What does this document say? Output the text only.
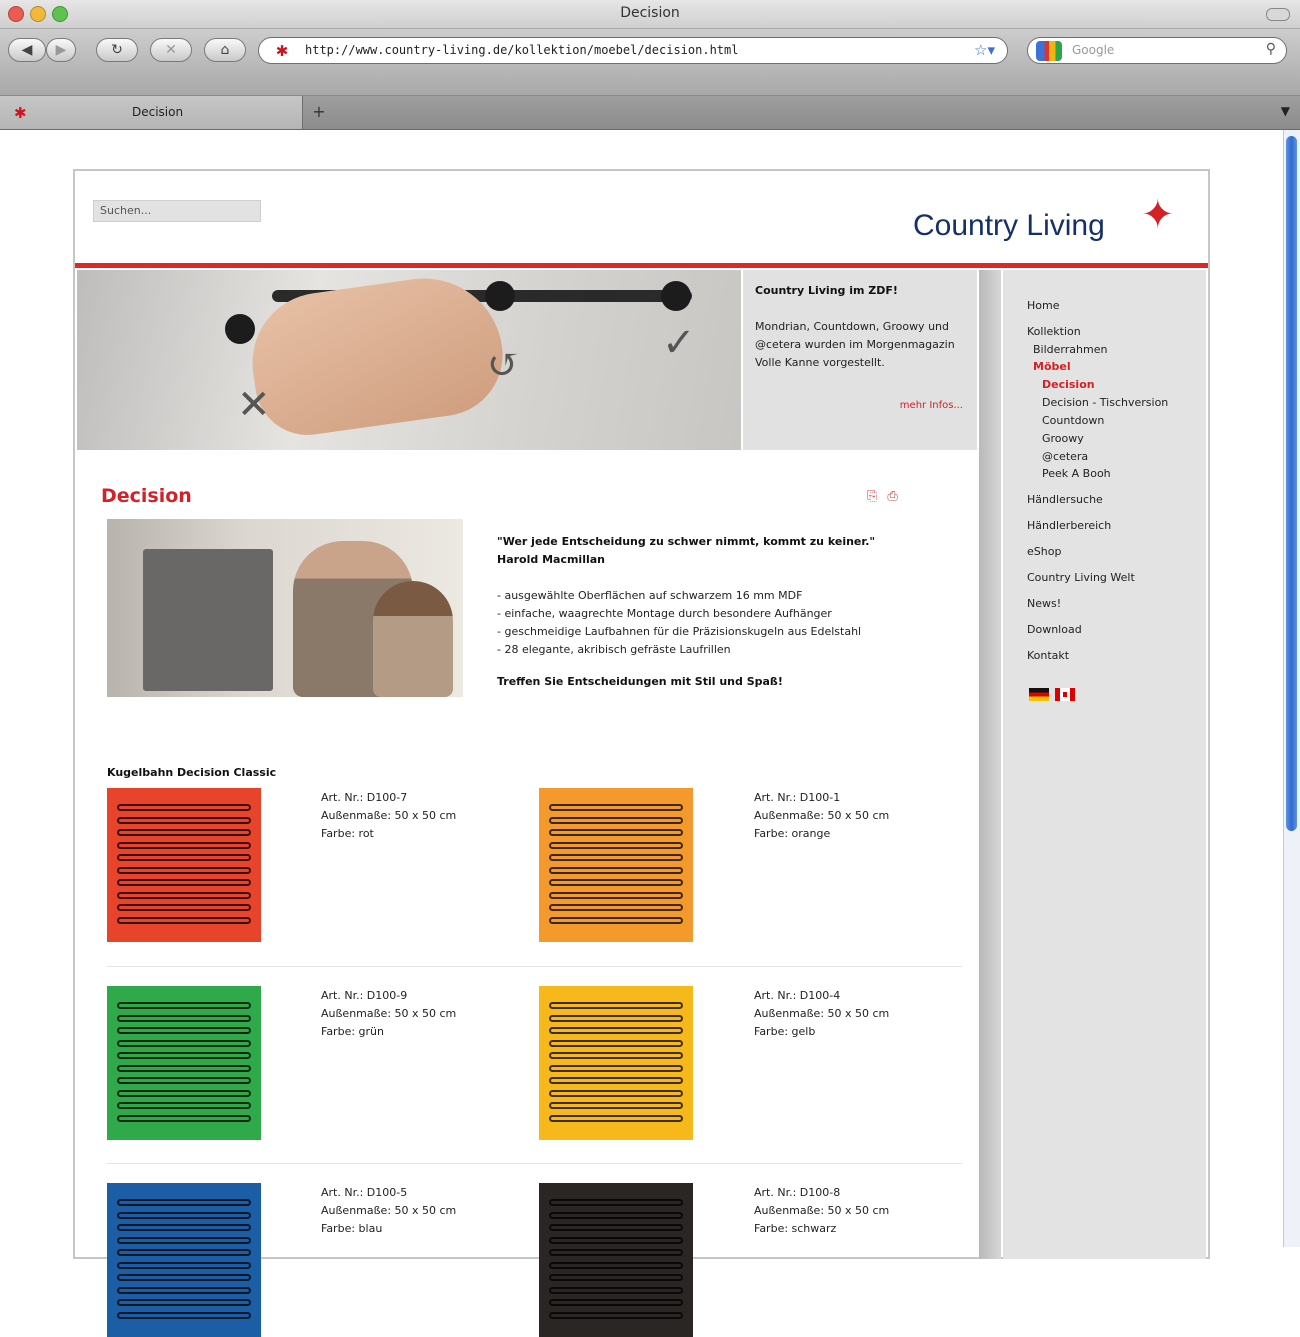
Decision
◀ ▶	↻	✕	⌂	✱ http://www.country-living.de/kollektion/moebel/decision.html	☆▾	Google	⚲
✱	Decision	+	▼
Suchen...	Country Living ✦
✕
↺	✓
Country Living im ZDF!
Mondrian, Countdown, Groowy und @cetera wurden im Morgenmagazin Volle Kanne vorgestellt.
mehr Infos...
Home
Kollektion
Bilderrahmen
Möbel
Decision
Decision - Tischversion
Countdown
Groowy
@cetera
Peek A Booh
Händlersuche
Händlerbereich
eShop
Country Living Welt
News!
Download
Kontakt
Decision	⎘ ⎙
"Wer jede Entscheidung zu schwer nimmt, kommt zu keiner."
Harold Macmillan
- ausgewählte Oberflächen auf schwarzem 16 mm MDF
- einfache, waagrechte Montage durch besondere Aufhänger
- geschmeidige Laufbahnen für die Präzisionskugeln aus Edelstahl
- 28 elegante, akribisch gefräste Laufrillen
Treffen Sie Entscheidungen mit Stil und Spaß!
Kugelbahn Decision Classic
Art. Nr.: D100-7
Außenmaße: 50 x 50 cm
Farbe: rot
Art. Nr.: D100-1
Außenmaße: 50 x 50 cm
Farbe: orange
Art. Nr.: D100-9
Außenmaße: 50 x 50 cm
Farbe: grün
Art. Nr.: D100-4
Außenmaße: 50 x 50 cm
Farbe: gelb
Art. Nr.: D100-5
Außenmaße: 50 x 50 cm
Farbe: blau
Art. Nr.: D100-8
Außenmaße: 50 x 50 cm
Farbe: schwarz
